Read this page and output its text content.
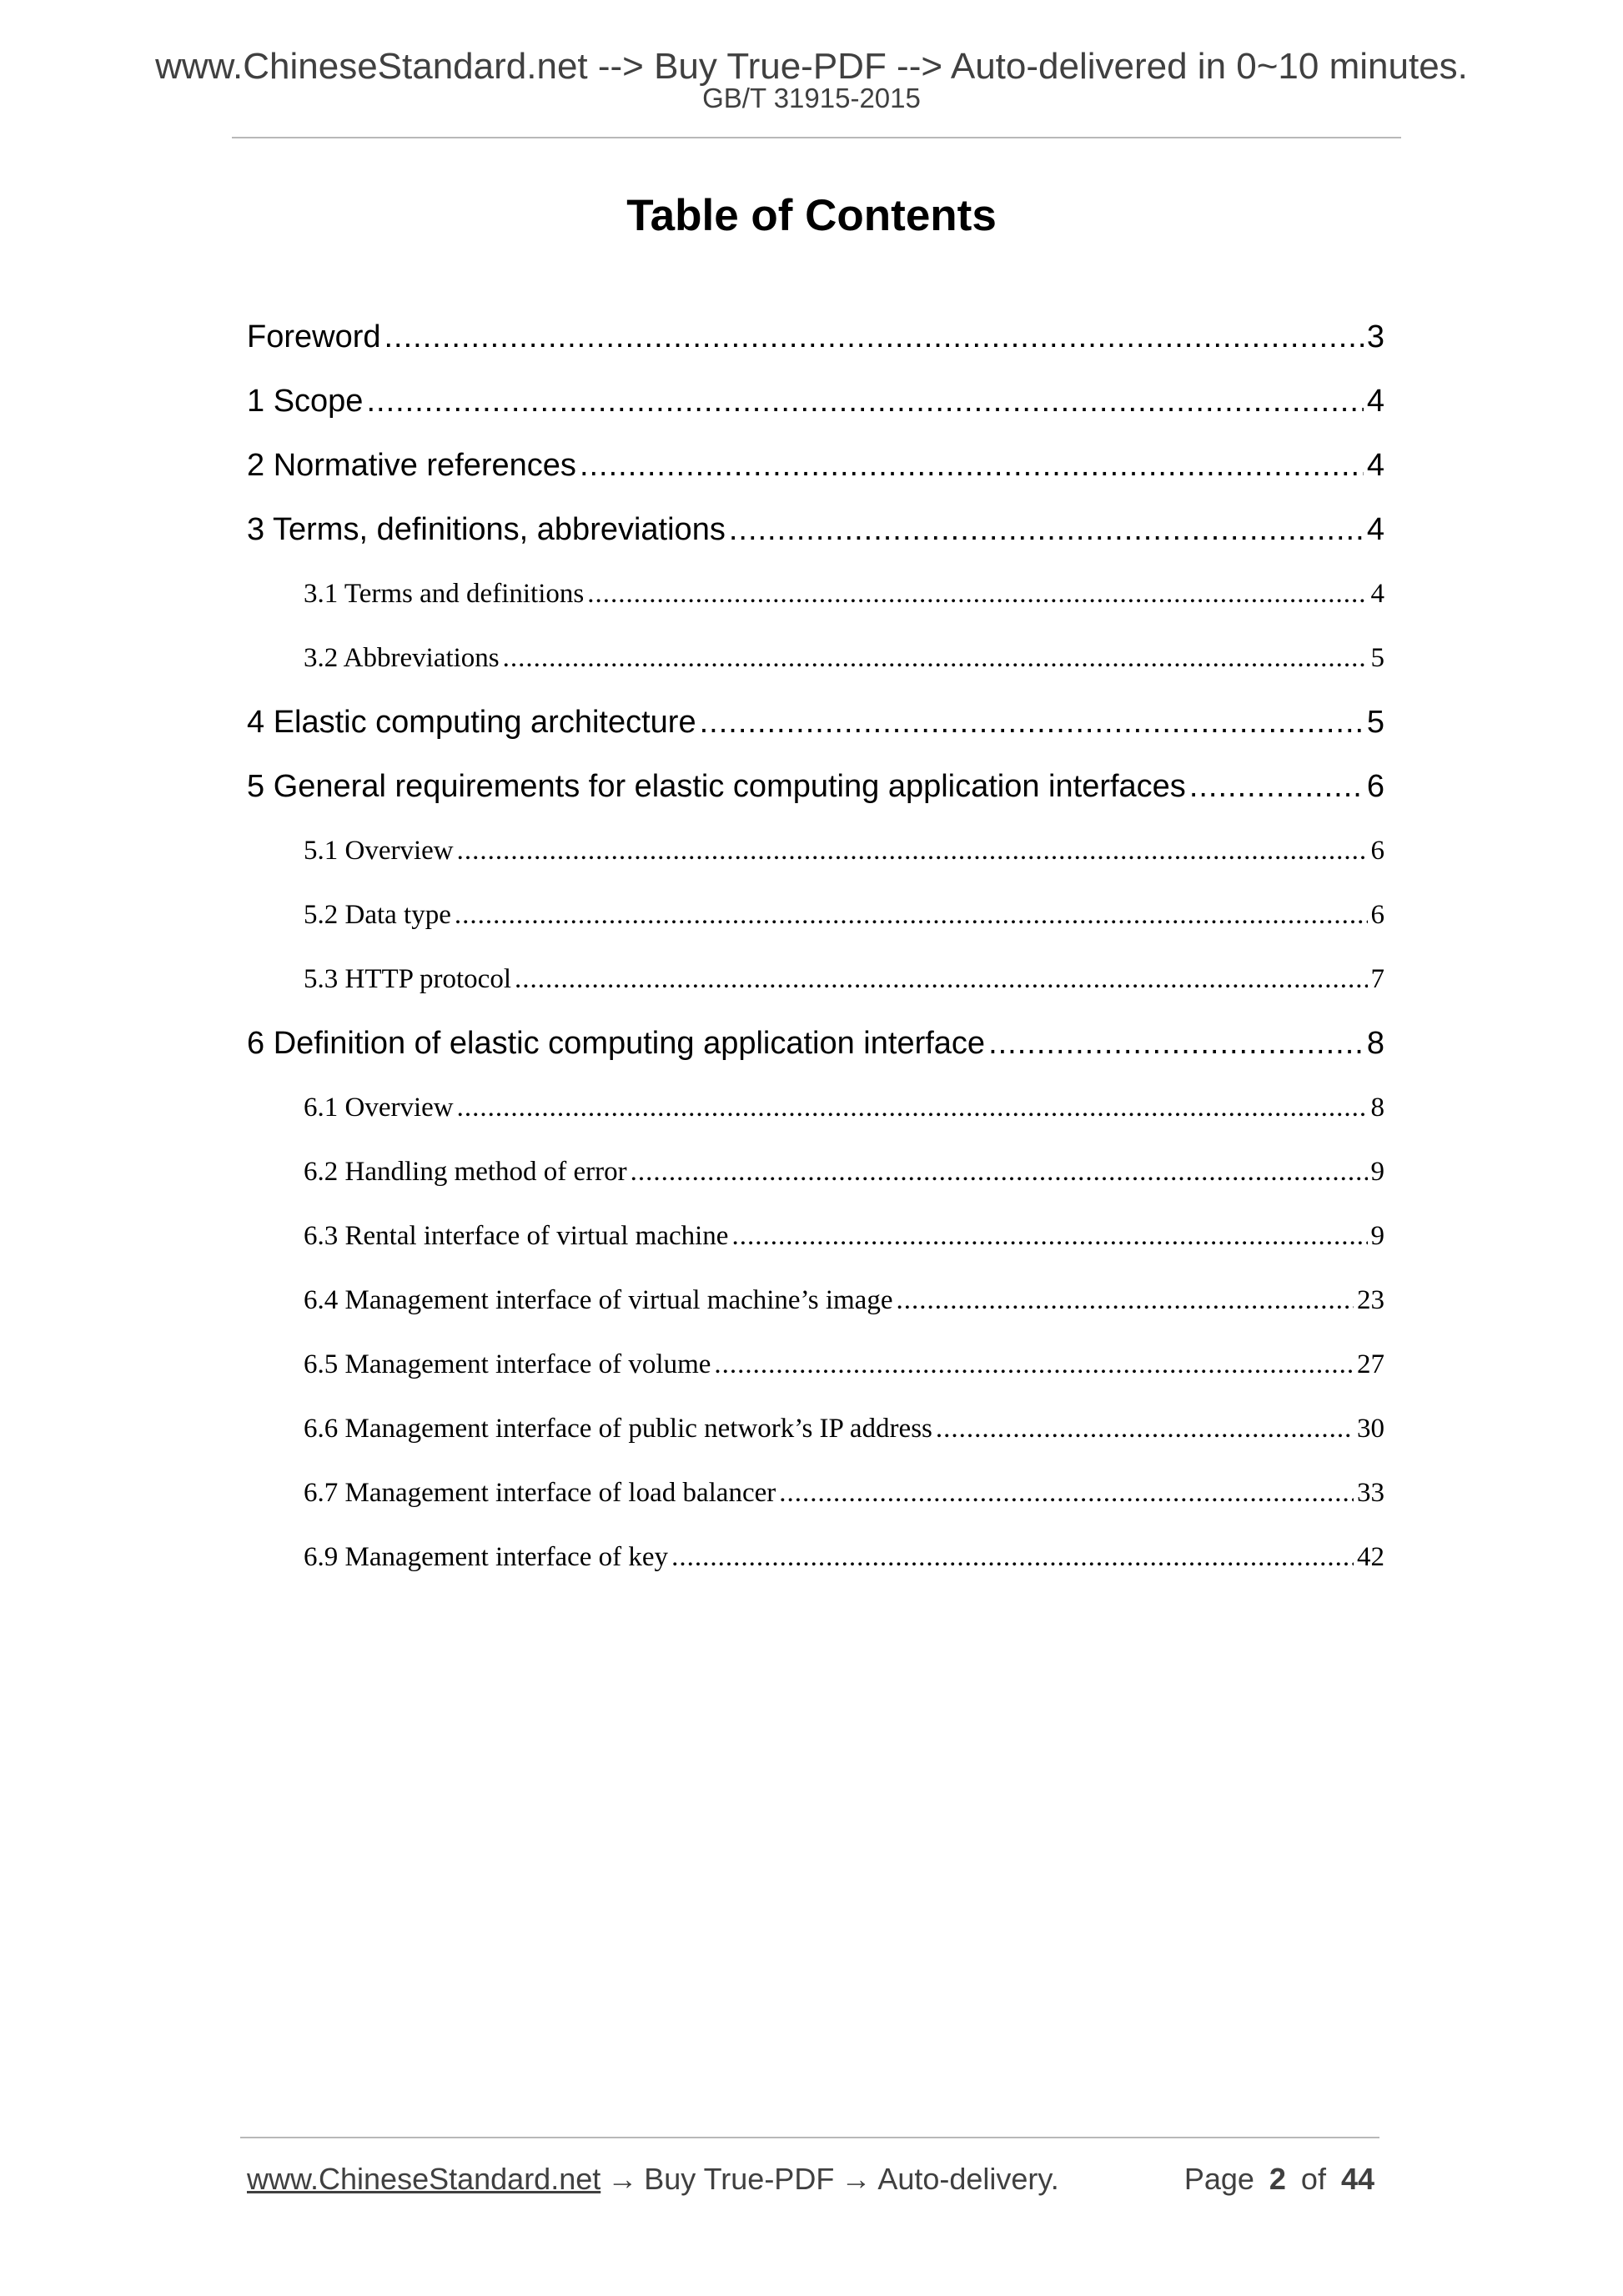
www.ChineseStandard.net --> Buy True-PDF --> Auto-delivered in 0~10 minutes.
GB/T 31915-2015
Table of Contents
Foreword .....	3
1 Scope .....	4
2 Normative references .....	4
3 Terms, definitions, abbreviations .....	4
3.1 Terms and definitions .....	4
3.2 Abbreviations .....	5
4 Elastic computing architecture .....	5
5 General requirements for elastic computing application interfaces .....	6
5.1 Overview .....	6
5.2 Data type .....	6
5.3 HTTP protocol .....	7
6 Definition of elastic computing application interface .....	8
6.1 Overview .....	8
6.2 Handling method of error .....	9
6.3 Rental interface of virtual machine .....	9
6.4 Management interface of virtual machine’s image .....	23
6.5 Management interface of volume .....	27
6.6 Management interface of public network’s IP address .....	30
6.7 Management interface of load balancer .....	33
6.9 Management interface of key .....	42
www.ChineseStandard.net → Buy True-PDF → Auto-delivery.	Page 2 of 44
